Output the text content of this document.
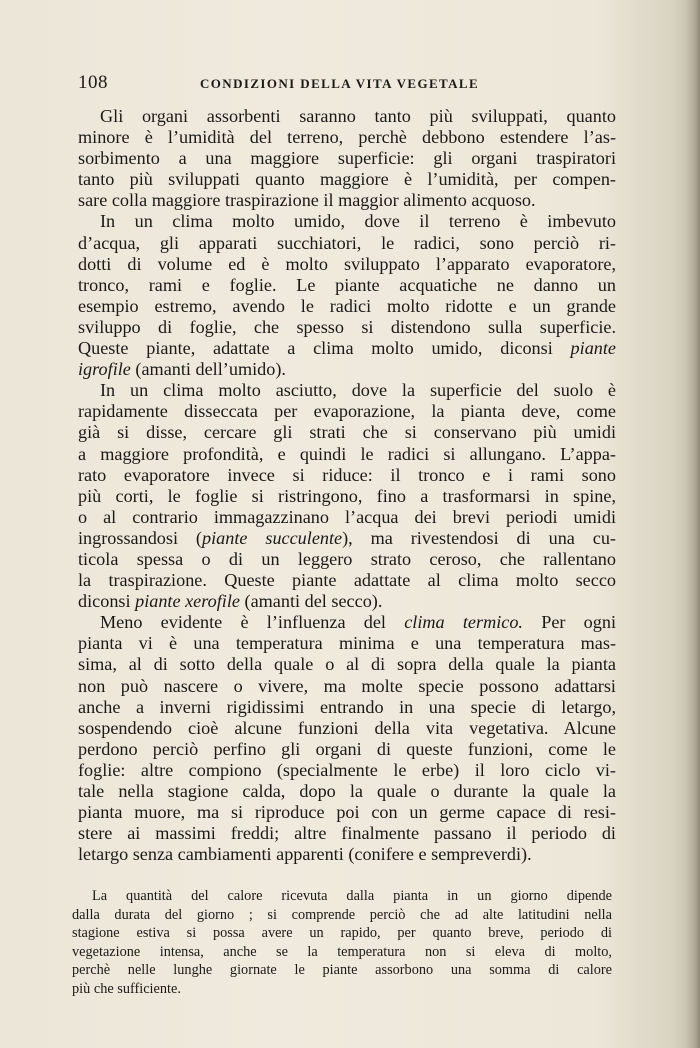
108	CONDIZIONI DELLA VITA VEGETALE
Gli organi assorbenti saranno tanto più sviluppati, quanto
minore è l’umidità del terreno, perchè debbono estendere l’as-
sorbimento a una maggiore superficie: gli organi traspiratori
tanto più sviluppati quanto maggiore è l’umidità, per compen-
sare colla maggiore traspirazione il maggior alimento acquoso.
In un clima molto umido, dove il terreno è imbevuto
d’acqua, gli apparati succhiatori, le radici, sono perciò ri-
dotti di volume ed è molto sviluppato l’apparato evaporatore,
tronco, rami e foglie. Le piante acquatiche ne danno un
esempio estremo, avendo le radici molto ridotte e un grande
sviluppo di foglie, che spesso si distendono sulla superficie.
Queste piante, adattate a clima molto umido, diconsi piante
igrofile (amanti dell’umido).
In un clima molto asciutto, dove la superficie del suolo è
rapidamente disseccata per evaporazione, la pianta deve, come
già si disse, cercare gli strati che si conservano più umidi
a maggiore profondità, e quindi le radici si allungano. L’appa-
rato evaporatore invece si riduce: il tronco e i rami sono
più corti, le foglie si ristringono, fino a trasformarsi in spine,
o al contrario immagazzinano l’acqua dei brevi periodi umidi
ingrossandosi (piante succulente), ma rivestendosi di una cu-
ticola spessa o di un leggero strato ceroso, che rallentano
la traspirazione. Queste piante adattate al clima molto secco
diconsi piante xerofile (amanti del secco).
Meno evidente è l’influenza del clima termico. Per ogni
pianta vi è una temperatura minima e una temperatura mas-
sima, al di sotto della quale o al di sopra della quale la pianta
non può nascere o vivere, ma molte specie possono adattarsi
anche a inverni rigidissimi entrando in una specie di letargo,
sospendendo cioè alcune funzioni della vita vegetativa. Alcune
perdono perciò perfino gli organi di queste funzioni, come le
foglie: altre compiono (specialmente le erbe) il loro ciclo vi-
tale nella stagione calda, dopo la quale o durante la quale la
pianta muore, ma si riproduce poi con un germe capace di resi-
stere ai massimi freddi; altre finalmente passano il periodo di
letargo senza cambiamenti apparenti (conifere e sempreverdi).
La quantità del calore ricevuta dalla pianta in un giorno dipende
dalla durata del giorno ; si comprende perciò che ad alte latitudini nella
stagione estiva si possa avere un rapido, per quanto breve, periodo di
vegetazione intensa, anche se la temperatura non si eleva di molto,
perchè nelle lunghe giornate le piante assorbono una somma di calore
più che sufficiente.
